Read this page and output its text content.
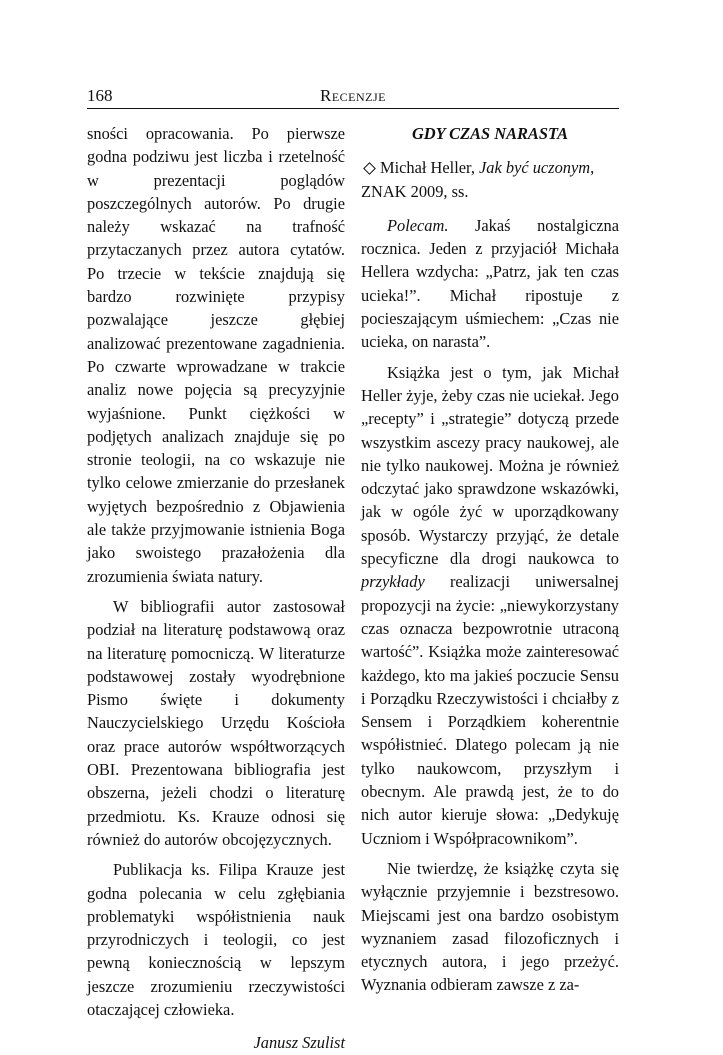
168	Recenzje

sności opracowania. Po pierwsze godna podziwu jest liczba i rzetelność w prezentacji poglądów poszczególnych autorów. Po drugie należy wskazać na trafność przytaczanych przez autora cytatów. Po trzecie w tekście znajdują się bardzo rozwinięte przypisy pozwalające jeszcze głębiej analizować prezentowane zagadnienia. Po czwarte wprowadzane w trakcie analiz nowe pojęcia są precyzyjnie wyjaśnione. Punkt ciężkości w podjętych analizach znajduje się po stronie teologii, na co wskazuje nie tylko celowe zmierzanie do przesłanek wyjętych bezpośrednio z Objawienia ale także przyjmowanie istnienia Boga jako swoistego prazałożenia dla zrozumienia świata natury.

W bibliografii autor zastosował podział na literaturę podstawową oraz na literaturę pomocniczą. W literaturze podstawowej zostały wyodrębnione Pismo święte i dokumenty Nauczycielskiego Urzędu Kościoła oraz prace autorów współtworzących OBI. Prezentowana bibliografia jest obszerna, jeżeli chodzi o literaturę przedmiotu. Ks. Krauze odnosi się również do autorów obcojęzycznych.

Publikacja ks. Filipa Krauze jest godna polecania w celu zgłębiania problematyki współistnienia nauk przyrodniczych i teologii, co jest pewną koniecznością w lepszym jeszcze zrozumieniu rzeczywistości otaczającej człowieka.

Janusz Szulist

GDY CZAS NARASTA

Michał Heller, Jak być uczonym, ZNAK 2009, ss.

Polecam. Jakaś nostalgiczna rocznica. Jeden z przyjaciół Michała Hellera wzdycha: „Patrz, jak ten czas ucieka!”. Michał ripostuje z pocieszającym uśmiechem: „Czas nie ucieka, on narasta”.

Książka jest o tym, jak Michał Heller żyje, żeby czas nie uciekał. Jego „recepty” i „strategie” dotyczą przede wszystkim ascezy pracy naukowej, ale nie tylko naukowej. Można je również odczytać jako sprawdzone wskazówki, jak w ogóle żyć w uporządkowany sposób. Wystarczy przyjąć, że detale specyficzne dla drogi naukowca to przykłady realizacji uniwersalnej propozycji na życie: „niewykorzystany czas oznacza bezpowrotnie utraconą wartość”. Książka może zainteresować każdego, kto ma jakieś poczucie Sensu i Porządku Rzeczywistości i chciałby z Sensem i Porządkiem koherentnie współistnieć. Dlatego polecam ją nie tylko naukowcom, przyszłym i obecnym. Ale prawdą jest, że to do nich autor kieruje słowa: „Dedykuję Uczniom i Współpracownikom”.

Nie twierdzę, że książkę czyta się wyłącznie przyjemnie i bezstresowo. Miejscami jest ona bardzo osobistym wyznaniem zasad filozoficznych i etycznych autora, i jego przeżyć. Wyznania odbieram zawsze z za-
